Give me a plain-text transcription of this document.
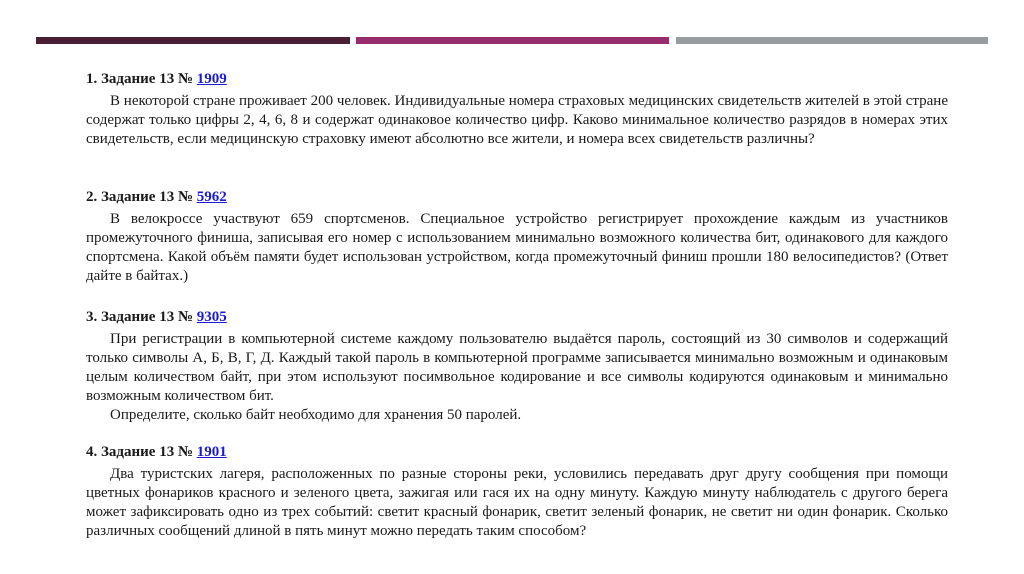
1. Задание 13 № 1909

В некоторой стране проживает 200 человек. Индивидуальные номера страховых медицинских свидетельств жителей в этой стране содержат только цифры 2, 4, 6, 8 и содержат одинаковое количество цифр. Каково минимальное количество разрядов в номерах этих свидетельств, если медицинскую страховку имеют абсолютно все жители, и номера всех свидетельств различны?

2. Задание 13 № 5962

В велокроссе участвуют 659 спортсменов. Специальное устройство регистрирует прохождение каждым из участников промежуточного финиша, записывая его номер с использованием минимально возможного количества бит, одинакового для каждого спортсмена. Какой объём памяти будет использован устройством, когда промежуточный финиш прошли 180 велосипедистов? (Ответ дайте в байтах.)

3. Задание 13 № 9305

При регистрации в компьютерной системе каждому пользователю выдаётся пароль, состоящий из 30 символов и содержащий только символы А, Б, В, Г, Д. Каждый такой пароль в компьютерной программе записывается минимально возможным и одинаковым целым количеством байт, при этом используют посимвольное кодирование и все символы кодируются одинаковым и минимально возможным количеством бит.

Определите, сколько байт необходимо для хранения 50 паролей.

4. Задание 13 № 1901

Два туристских лагеря, расположенных по разные стороны реки, условились передавать друг другу сообщения при помощи цветных фонариков красного и зеленого цвета, зажигая или гася их на одну минуту. Каждую минуту наблюдатель с другого берега может зафиксировать одно из трех событий: светит красный фонарик, светит зеленый фонарик, не светит ни один фонарик. Сколько различных сообщений длиной в пять минут можно передать таким способом?
